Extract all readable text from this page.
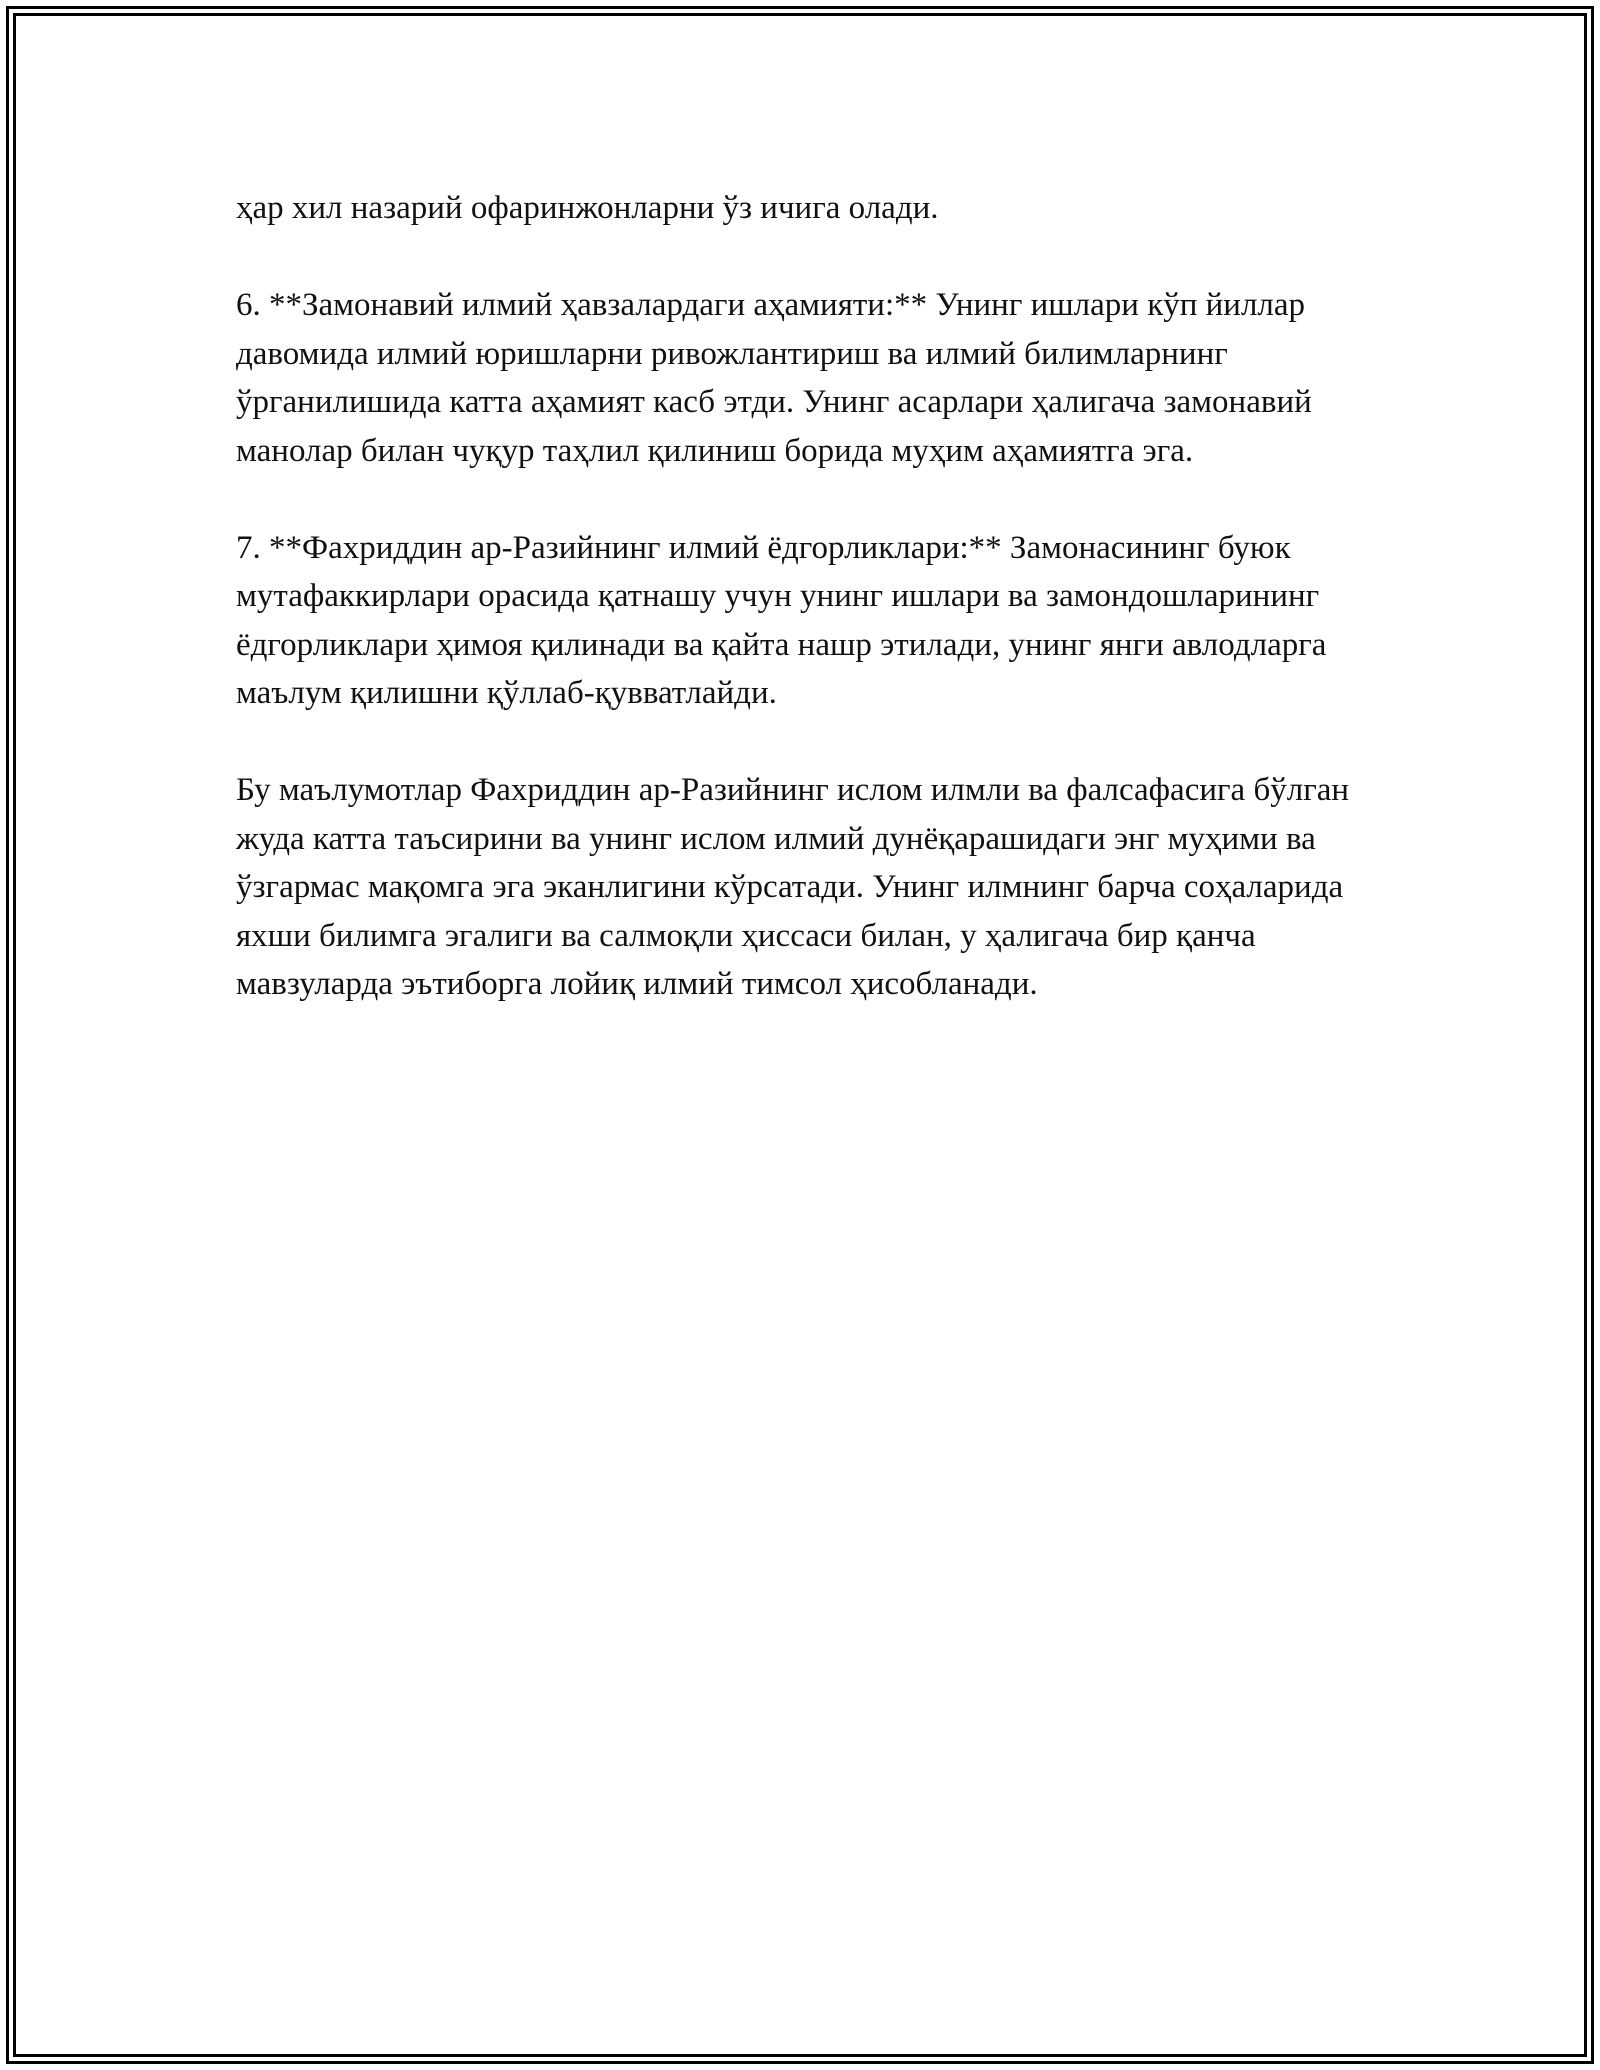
ҳар хил назарий офаринжонларни ўз ичига олади.

6. **Замонавий илмий ҳавзалардаги аҳамияти:** Унинг ишлари кўп йиллар давомида илмий юришларни ривожлантириш ва илмий билимларнинг ўрганилишида катта аҳамият касб этди. Унинг асарлари ҳалигача замонавий манолар билан чуқур таҳлил қилиниш борида муҳим аҳамиятга эга.

7. **Фахриддин ар-Разийнинг илмий ёдгорликлари:** Замонасининг буюк мутафаккирлари орасида қатнашу учун унинг ишлари ва замондошларининг ёдгорликлари ҳимоя қилинади ва қайта нашр этилади, унинг янги авлодларга маълум қилишни қўллаб-қувватлайди.

Бу маълумотлар Фахриддин ар-Разийнинг ислом илмли ва фалсафасига бўлган жуда катта таъсирини ва унинг ислом илмий дунёқарашидаги энг муҳими ва ўзгармас мақомга эга эканлигини кўрсатади. Унинг илмнинг барча соҳаларида яхши билимга эгалиги ва салмоқли ҳиссаси билан, у ҳалигача бир қанча мавзуларда эътиборга лойиқ илмий тимсол ҳисобланади.
